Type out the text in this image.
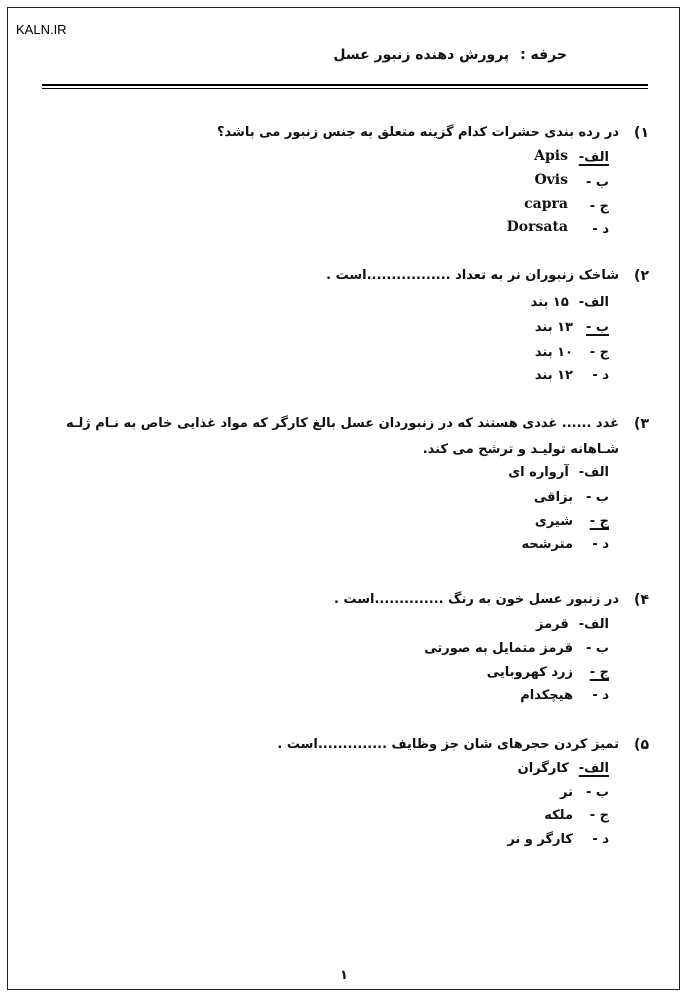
KALN.IR
حرفه : پرورش دهنده زنبور عسل
(۱
در رده بندی حشرات کدام گزینه متعلق به جنس زنبور می باشد؟
الف-
Apis
ب -
Ovis
ج -
capra
د -
Dorsata
(۲
شاخک زنبوران نر به تعداد .................است .
الف-۱۵ بند
ب -۱۳ بند
ج -۱۰ بند
د -۱۲ بند
(۳
غدد ...... غددی هستند که در زنبوردان عسل بالغ کارگر که مواد غذایی خاص به نـام ژلـه شـاهانه تولیـد و ترشح می کند.
الف-آرواره ای
ب -بزاقی
ج -شیری
د -مترشحه
(۴
در زنبور عسل خون به رنگ ..............است .
الف-قرمز
ب -قرمز متمایل به صورتی
ج -زرد کهروبایی
د -هیچکدام
(۵
تمیز کردن حجرهای شان جز وظایف ..............است .
الف-کارگران
ب -نر
ج -ملکه
د -کارگر و نر
۱
